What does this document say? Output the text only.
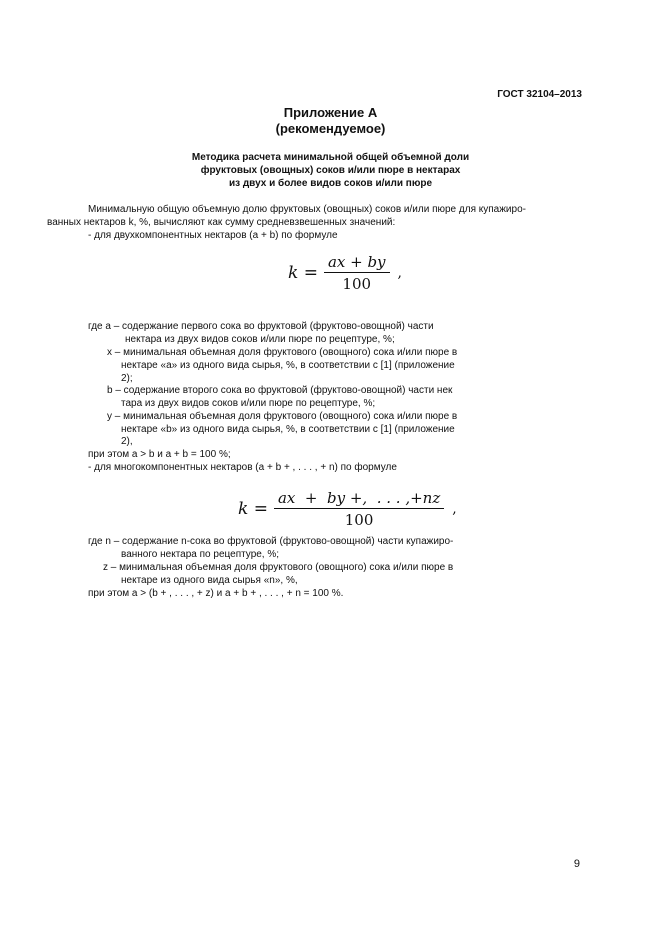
ГОСТ 32104–2013
Приложение А
(рекомендуемое)
Методика расчета минимальной общей объемной доли
фруктовых (овощных) соков и/или пюре в нектарах
из двух и более видов соков и/или пюре
Минимальную общую объемную долю фруктовых (овощных) соков и/или пюре для купажиро-
ванных нектаров k, %, вычисляют как сумму средневзвешенных значений:
- для двухкомпонентных нектаров (a + b) по формуле
$k = \frac{ax + by}{100}$ ,
где a – содержание первого сока во фруктовой (фруктово-овощной) части
нектара из двух видов соков и/или пюре по рецептуре, %;
x – минимальная объемная доля фруктового (овощного) сока и/или пюре в
нектаре «a» из одного вида сырья, %, в соответствии с [1] (приложение
2);
b – содержание второго сока во фруктовой (фруктово-овощной) части нек
тара из двух видов соков и/или пюре по рецептуре, %;
y – минимальная объемная доля фруктового (овощного) сока и/или пюре в
нектаре «b» из одного вида сырья, %, в соответствии с [1] (приложение
2),
при этом a > b и a + b = 100 %;
- для многокомпонентных нектаров (a + b + , . . . , + n) по формуле
$k = \frac{ax + by +, . . . ,+nz}{100}$ ,
где n – содержание n-сока во фруктовой (фруктово-овощной) части купажиро-
ванного нектара по рецептуре, %;
z – минимальная объемная доля фруктового (овощного) сока и/или пюре в
нектаре из одного вида сырья «n», %,
при этом a > (b + , . . . , + z) и a + b + , . . . , + n = 100 %.
9
